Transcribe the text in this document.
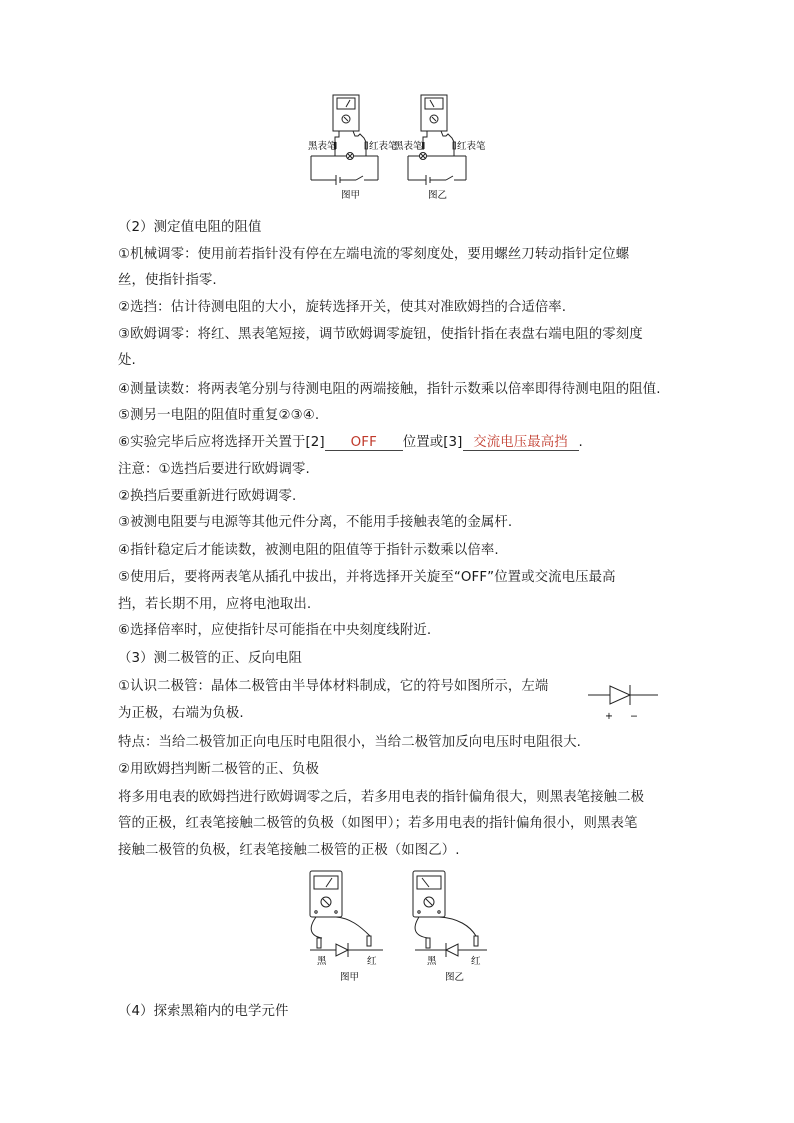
黑表笔	红表笔
图甲
黑表笔	红表笔
图乙
（2）测定值电阻的阻值
①机械调零：使用前若指针没有停在左端电流的零刻度处，要用螺丝刀转动指针定位螺
丝，使指针指零.
②选挡：估计待测电阻的大小，旋转选择开关，使其对准欧姆挡的合适倍率.
③欧姆调零：将红、黑表笔短接，调节欧姆调零旋钮，使指针指在表盘右端电阻的零刻度
处.
④测量读数：将两表笔分别与待测电阻的两端接触，指针示数乘以倍率即得待测电阻的阻值.
⑤测另一电阻的阻值时重复②③④.
⑥实验完毕后应将选择开关置于[2] OFF 位置或[3] 交流电压最高挡 .
注意：①选挡后要进行欧姆调零.
②换挡后要重新进行欧姆调零.
③被测电阻要与电源等其他元件分离，不能用手接触表笔的金属杆.
④指针稳定后才能读数，被测电阻的阻值等于指针示数乘以倍率.
⑤使用后，要将两表笔从插孔中拔出，并将选择开关旋至“OFF”位置或交流电压最高
挡，若长期不用，应将电池取出.
⑥选择倍率时，应使指针尽可能指在中央刻度线附近.
（3）测二极管的正、反向电阻
①认识二极管：晶体二极管由半导体材料制成，它的符号如图所示，左端
为正极，右端为负极.	+ −
特点：当给二极管加正向电压时电阻很小，当给二极管加反向电压时电阻很大.
②用欧姆挡判断二极管的正、负极
将多用电表的欧姆挡进行欧姆调零之后，若多用电表的指针偏角很大，则黑表笔接触二极
管的正极，红表笔接触二极管的负极（如图甲）；若多用电表的指针偏角很小，则黑表笔
接触二极管的负极，红表笔接触二极管的正极（如图乙）.
黑	红
图甲
黑	红
图乙
（4）探索黑箱内的电学元件
